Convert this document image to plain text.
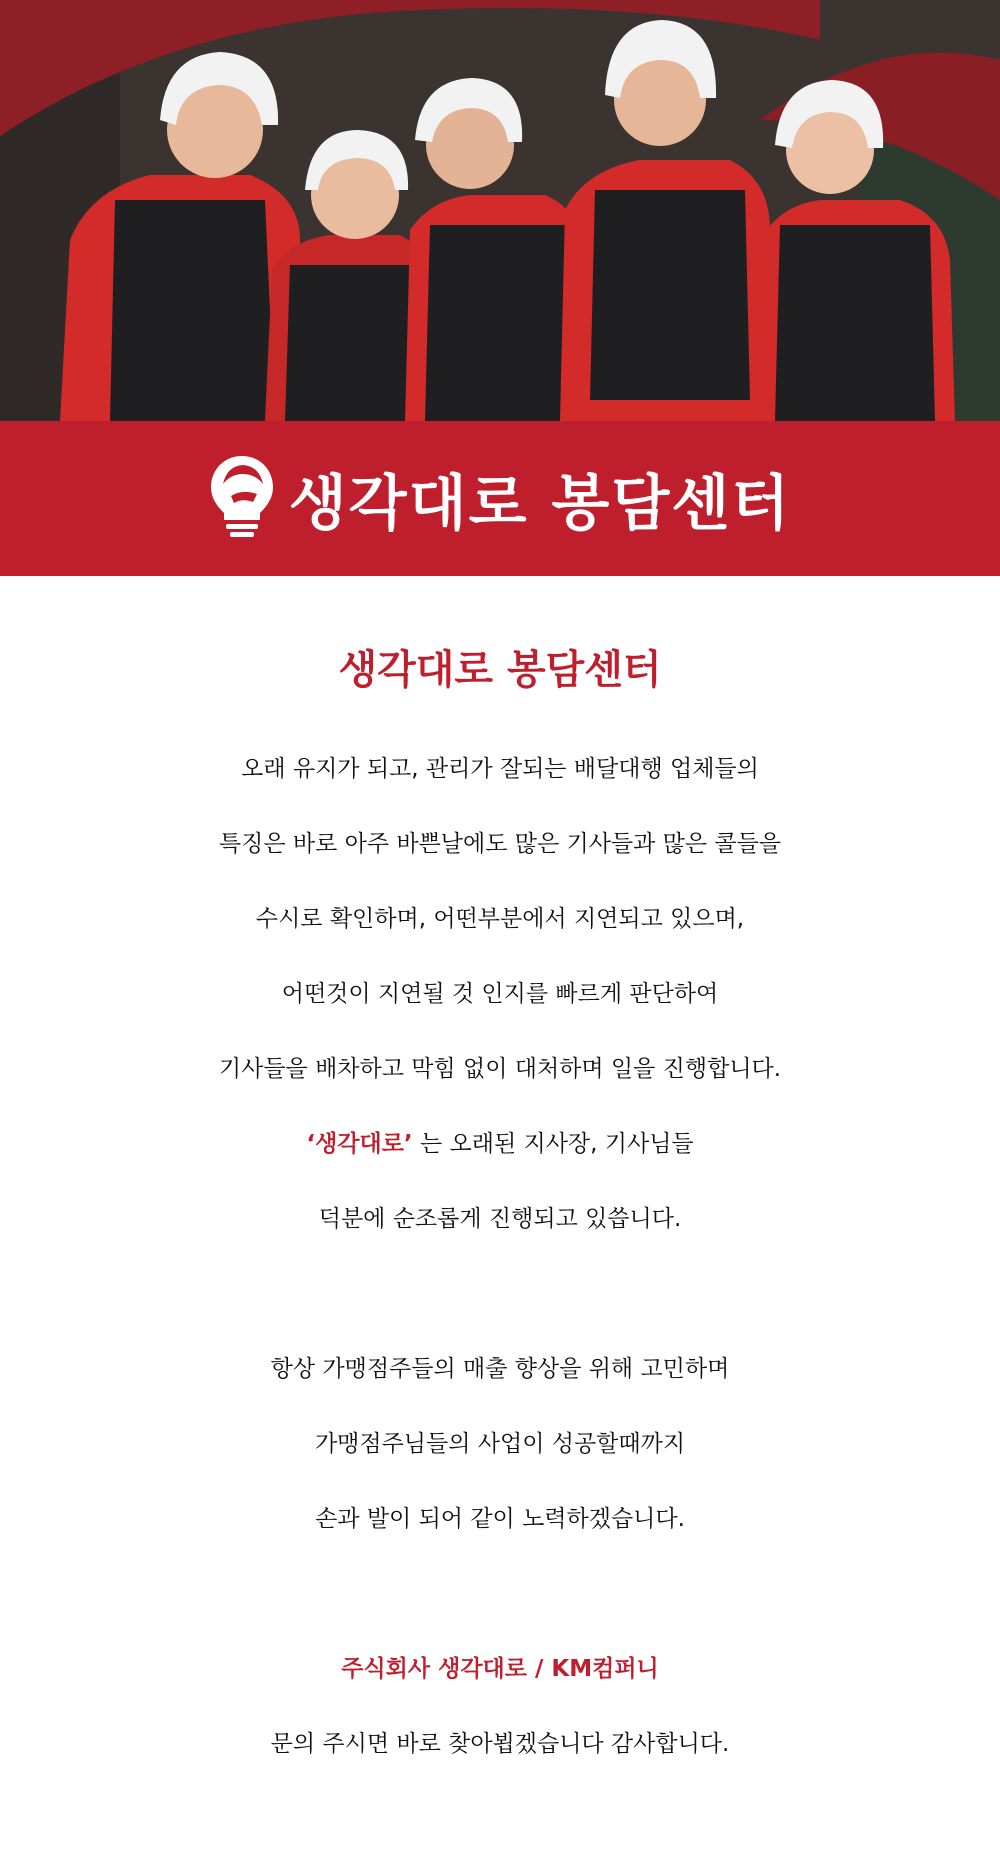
생각대로 봉담센터
생각대로 봉담센터
오래 유지가 되고, 관리가 잘되는 배달대행 업체들의
특징은 바로 아주 바쁜날에도 많은 기사들과 많은 콜들을
수시로 확인하며, 어떤부분에서 지연되고 있으며,
어떤것이 지연될 것 인지를 빠르게 판단하여
기사들을 배차하고 막힘 없이 대처하며 일을 진행합니다.
‘생각대로’ 는 오래된 지사장, 기사님들
덕분에 순조롭게 진행되고 있씁니다.
항상 가맹점주들의 매출 향상을 위해 고민하며
가맹점주님들의 사업이 성공할때까지
손과 발이 되어 같이 노력하겠습니다.
주식회사 생각대로 / KM컴퍼니
문의 주시면 바로 찾아뵙겠습니다 감사합니다.
